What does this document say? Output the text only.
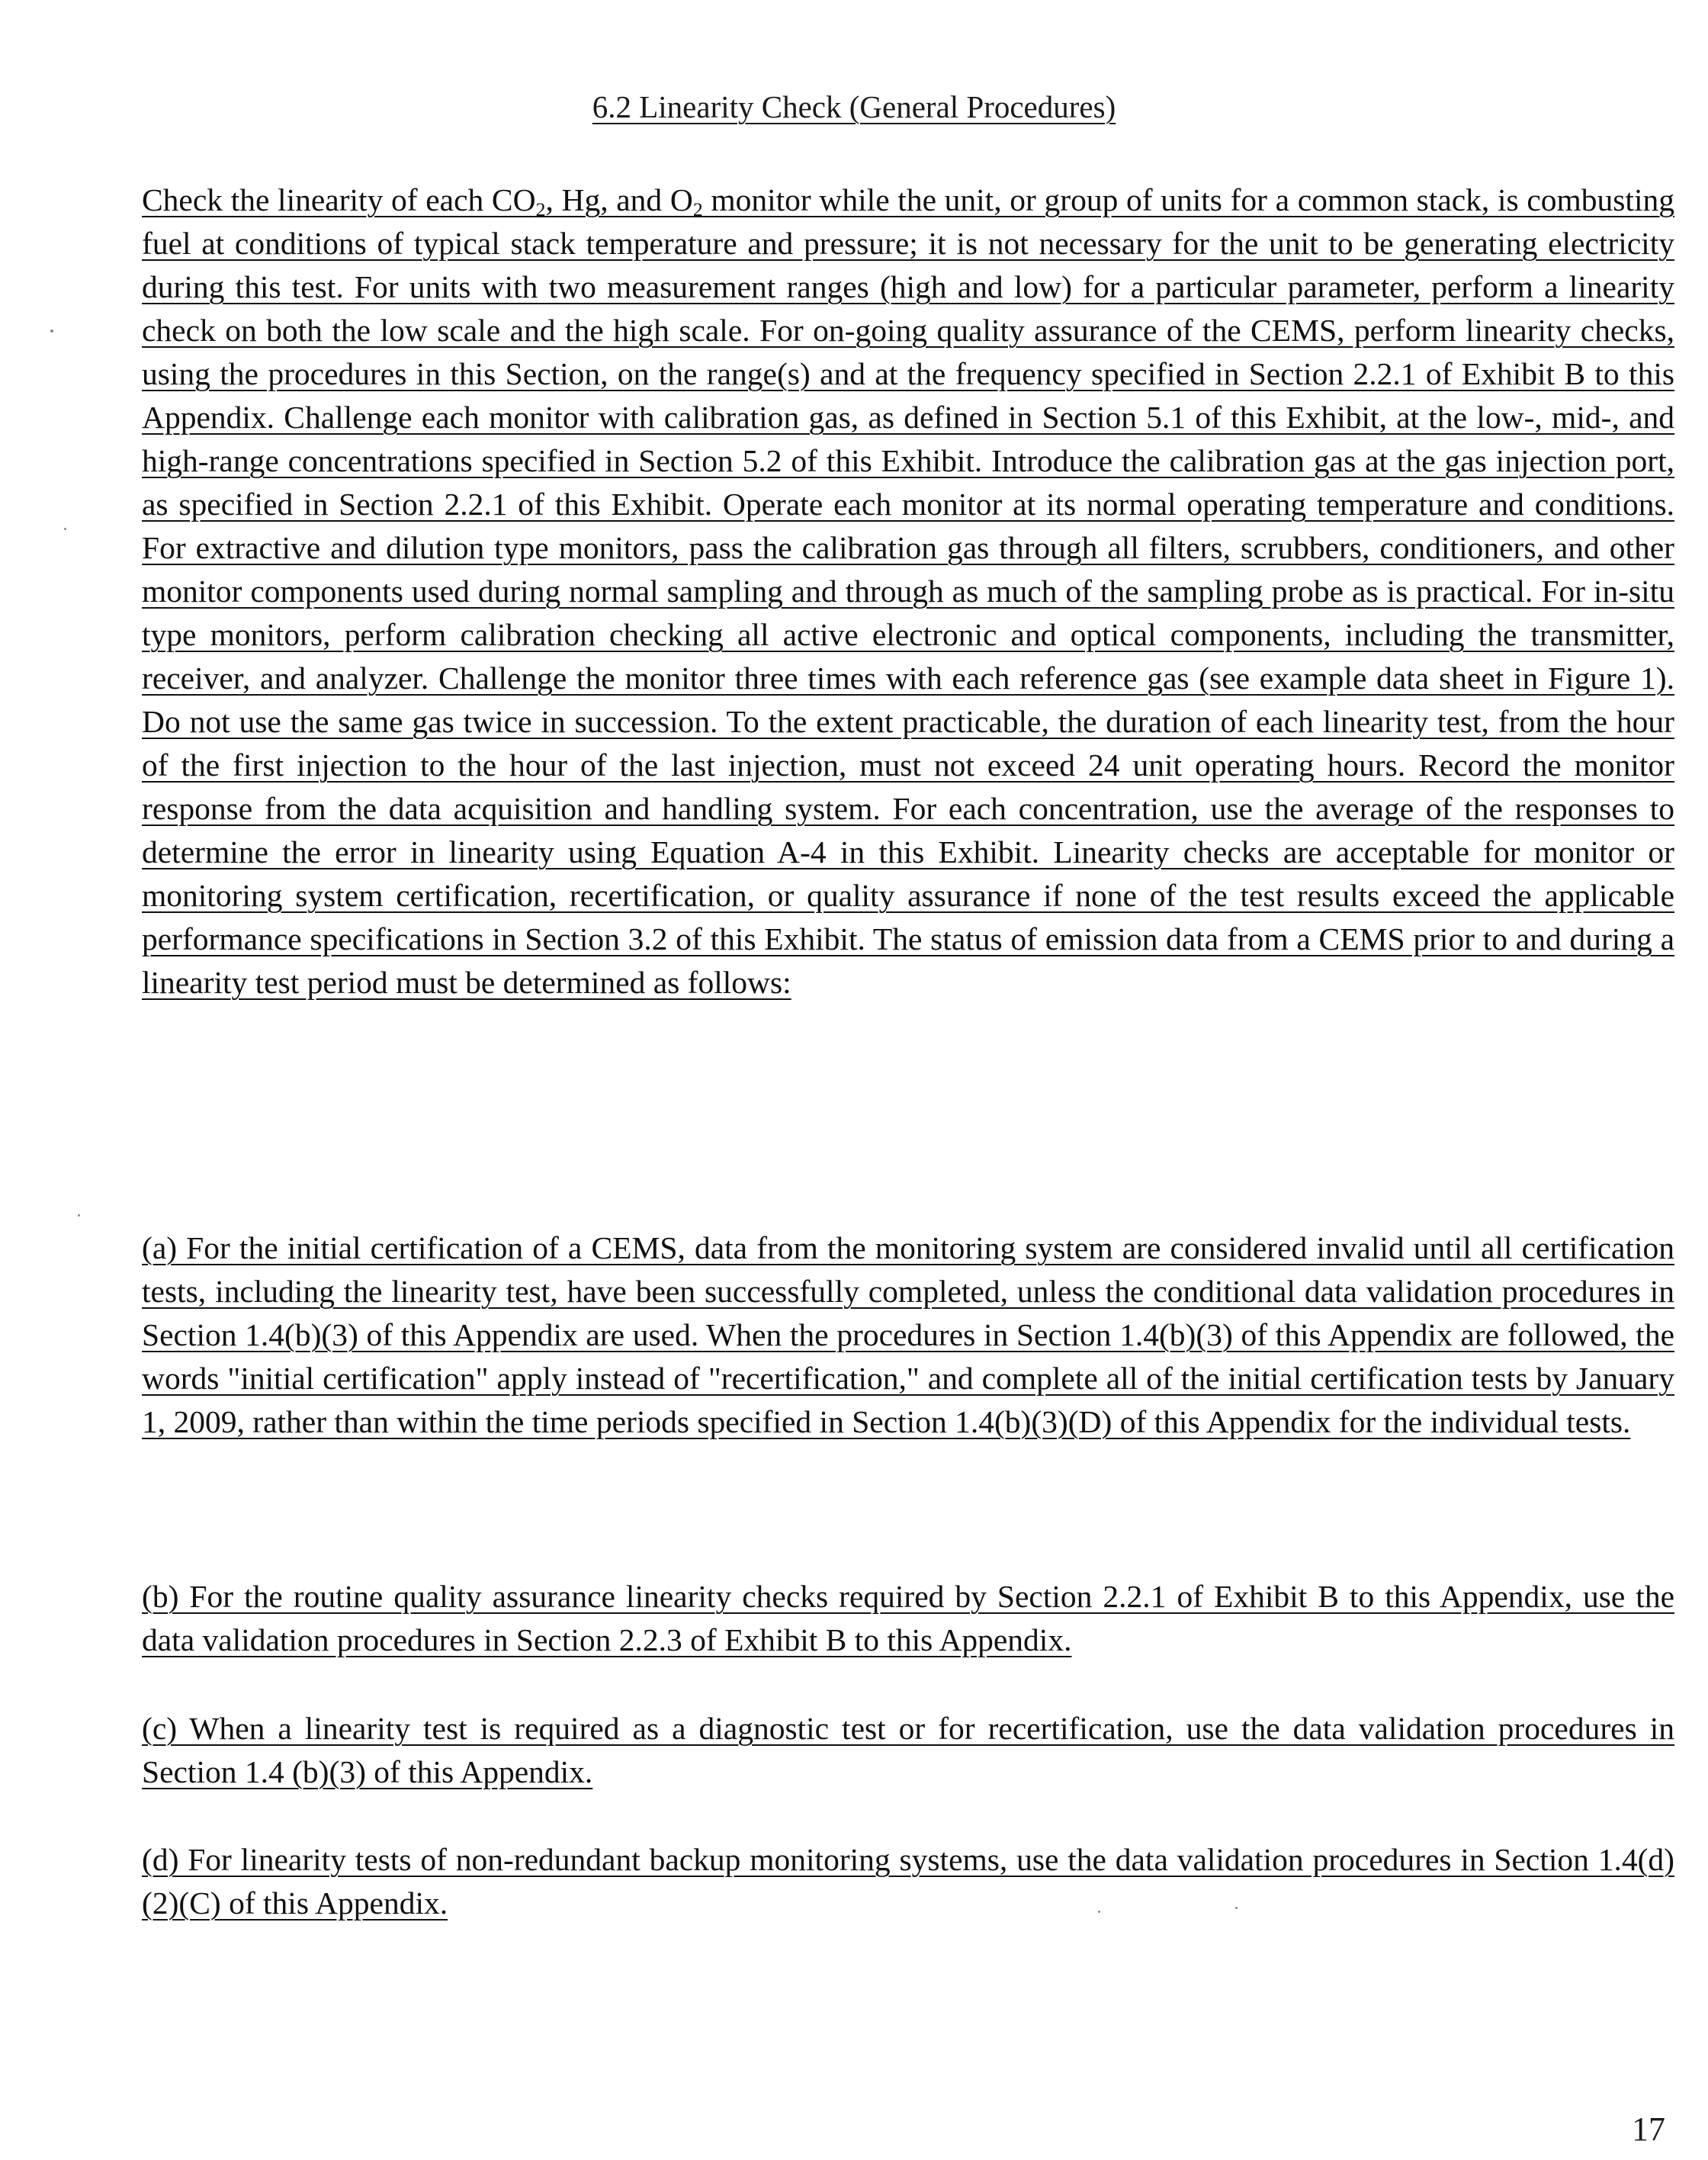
6.2 Linearity Check (General Procedures)

Check the linearity of each $CO_2$, Hg, and $O_2$ monitor while the unit, or group of units for a common stack, is combusting fuel at conditions of typical stack temperature and pressure; it is not necessary for the unit to be generating electricity during this test. For units with two measurement ranges (high and low) for a particular parameter, perform a linearity check on both the low scale and the high scale. For on-going quality assurance of the CEMS, perform linearity checks, using the procedures in this Section, on the range(s) and at the frequency specified in Section 2.2.1 of Exhibit B to this Appendix. Challenge each monitor with calibration gas, as defined in Section 5.1 of this Exhibit, at the low-, mid-, and high-range concentrations specified in Section 5.2 of this Exhibit. Introduce the calibration gas at the gas injection port, as specified in Section 2.2.1 of this Exhibit. Operate each monitor at its normal operating temperature and conditions. For extractive and dilution type monitors, pass the calibration gas through all filters, scrubbers, conditioners, and other monitor components used during normal sampling and through as much of the sampling probe as is practical. For in-situ type monitors, perform calibration checking all active electronic and optical components, including the transmitter, receiver, and analyzer. Challenge the monitor three times with each reference gas (see example data sheet in Figure 1). Do not use the same gas twice in succession. To the extent practicable, the duration of each linearity test, from the hour of the first injection to the hour of the last injection, must not exceed 24 unit operating hours. Record the monitor response from the data acquisition and handling system. For each concentration, use the average of the responses to determine the error in linearity using Equation A-4 in this Exhibit. Linearity checks are acceptable for monitor or monitoring system certification, recertification, or quality assurance if none of the test results exceed the applicable performance specifications in Section 3.2 of this Exhibit. The status of emission data from a CEMS prior to and during a linearity test period must be determined as follows:

(a) For the initial certification of a CEMS, data from the monitoring system are considered invalid until all certification tests, including the linearity test, have been successfully completed, unless the conditional data validation procedures in Section 1.4(b)(3) of this Appendix are used. When the procedures in Section 1.4(b)(3) of this Appendix are followed, the words "initial certification" apply instead of "recertification," and complete all of the initial certification tests by January 1, 2009, rather than within the time periods specified in Section 1.4(b)(3)(D) of this Appendix for the individual tests.

(b) For the routine quality assurance linearity checks required by Section 2.2.1 of Exhibit B to this Appendix, use the data validation procedures in Section 2.2.3 of Exhibit B to this Appendix.

(c) When a linearity test is required as a diagnostic test or for recertification, use the data validation procedures in Section 1.4 (b)(3) of this Appendix.

(d) For linearity tests of non-redundant backup monitoring systems, use the data validation procedures in Section 1.4(d)(2)(C) of this Appendix.

17
